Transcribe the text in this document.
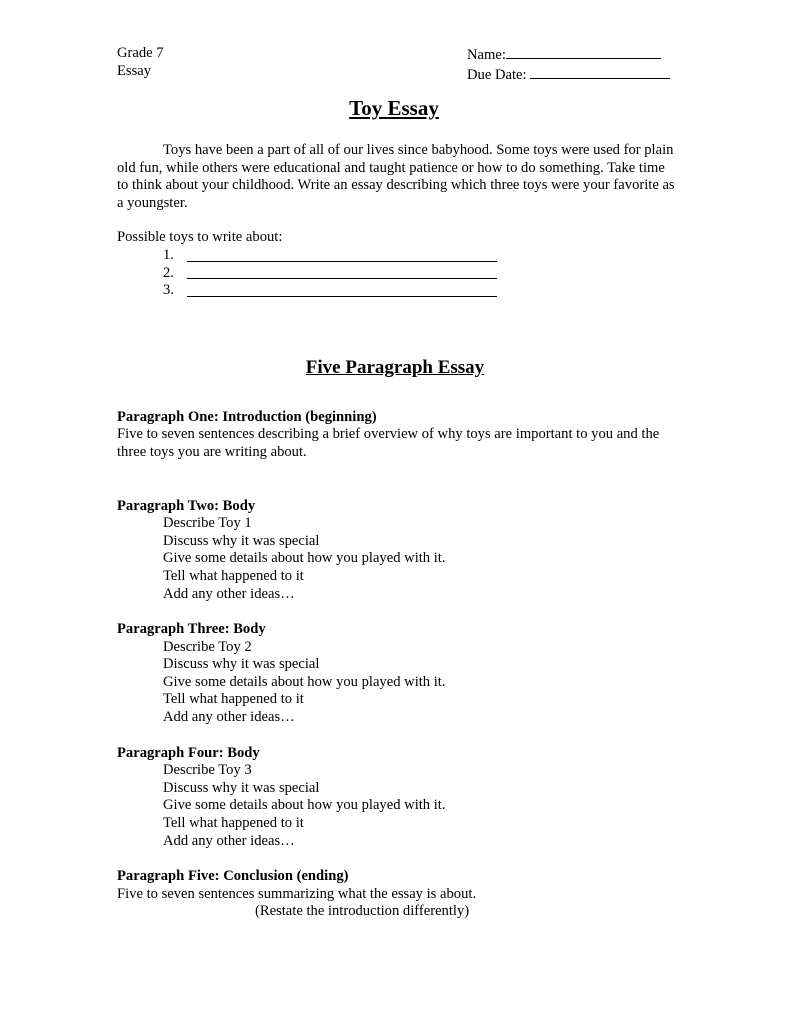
Grade 7
Essay
Name:
Due Date:
Toy Essay
Toys have been a part of all of our lives since babyhood. Some toys were used for plain old fun, while others were educational and taught patience or how to do something. Take time to think about your childhood. Write an essay describing which three toys were your favorite as a youngster.
Possible toys to write about:
1.
2.
3.
Five Paragraph Essay
Paragraph One: Introduction (beginning)
Five to seven sentences describing a brief overview of why toys are important to you and the three toys you are writing about.
Paragraph Two: Body
Describe Toy 1
Discuss why it was special
Give some details about how you played with it.
Tell what happened to it
Add any other ideas…
Paragraph Three: Body
Describe Toy 2
Discuss why it was special
Give some details about how you played with it.
Tell what happened to it
Add any other ideas…
Paragraph Four: Body
Describe Toy 3
Discuss why it was special
Give some details about how you played with it.
Tell what happened to it
Add any other ideas…
Paragraph Five: Conclusion (ending)
Five to seven sentences summarizing what the essay is about.
(Restate the introduction differently)
